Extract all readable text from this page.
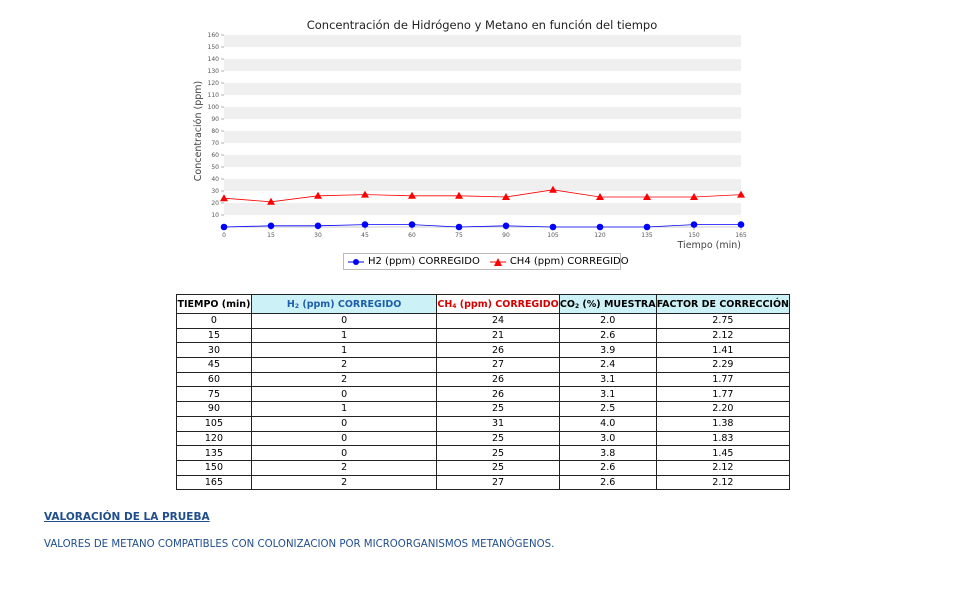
Concentración de Hidrógeno y Metano en función del tiempo
Concentración (ppm)
Tiempo (min)
10
20
30
40
50
60
70
80
90
100
110
120
130
140
150
160
0	15	30	45	60	75	90	105	120	135	150	165
H2 (ppm) CORREGIDO	CH4 (ppm) CORREGIDO
TIEMPO (min)	$H_2$ (ppm) CORREGIDO	$CH_4$ (ppm) CORREGIDO	$CO_2$ (%) MUESTRA	FACTOR DE CORRECCIÓN
0	0	24	2.0	2.75
15	1	21	2.6	2.12
30	1	26	3.9	1.41
45	2	27	2.4	2.29
60	2	26	3.1	1.77
75	0	26	3.1	1.77
90	1	25	2.5	2.20
105	0	31	4.0	1.38
120	0	25	3.0	1.83
135	0	25	3.8	1.45
150	2	25	2.6	2.12
165	2	27	2.6	2.12
VALORACIÓN DE LA PRUEBA
VALORES DE METANO COMPATIBLES CON COLONIZACION POR MICROORGANISMOS METANÓGENOS.
